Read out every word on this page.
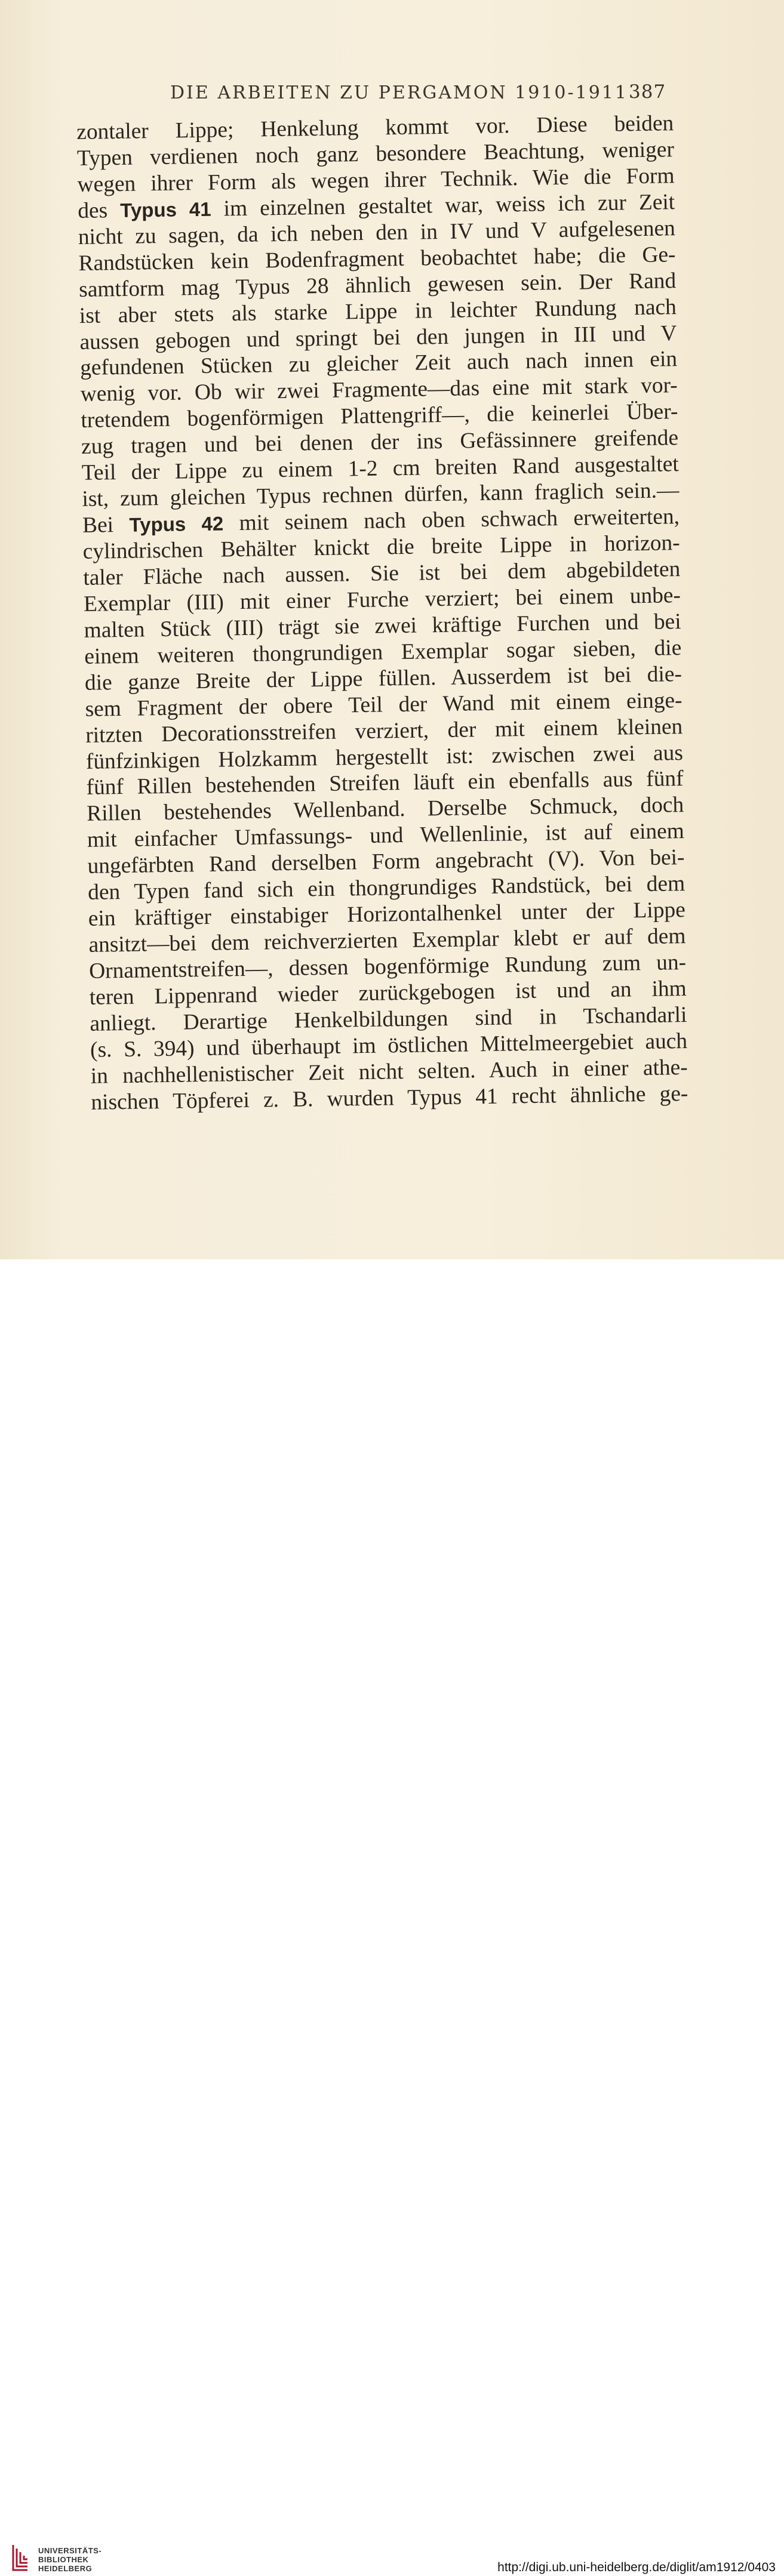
DIE ARBEITEN ZU PERGAMON 1910-1911 387
zontaler Lippe; Henkelung kommt vor. Diese beiden
Typen verdienen noch ganz besondere Beachtung, weniger
wegen ihrer Form als wegen ihrer Technik. Wie die Form
des Typus 41 im einzelnen gestaltet war, weiss ich zur Zeit
nicht zu sagen, da ich neben den in IV und V aufgelesenen
Randstücken kein Bodenfragment beobachtet habe; die Ge-
samtform mag Typus 28 ähnlich gewesen sein. Der Rand
ist aber stets als starke Lippe in leichter Rundung nach
aussen gebogen und springt bei den jungen in III und V
gefundenen Stücken zu gleicher Zeit auch nach innen ein
wenig vor. Ob wir zwei Fragmente—das eine mit stark vor-
tretendem bogenförmigen Plattengriff—, die keinerlei Über-
zug tragen und bei denen der ins Gefässinnere greifende
Teil der Lippe zu einem 1-2 cm breiten Rand ausgestaltet
ist, zum gleichen Typus rechnen dürfen, kann fraglich sein.—
Bei Typus 42 mit seinem nach oben schwach erweiterten,
cylindrischen Behälter knickt die breite Lippe in horizon-
taler Fläche nach aussen. Sie ist bei dem abgebildeten
Exemplar (III) mit einer Furche verziert; bei einem unbe-
malten Stück (III) trägt sie zwei kräftige Furchen und bei
einem weiteren thongrundigen Exemplar sogar sieben, die
die ganze Breite der Lippe füllen. Ausserdem ist bei die-
sem Fragment der obere Teil der Wand mit einem einge-
ritzten Decorationsstreifen verziert, der mit einem kleinen
fünfzinkigen Holzkamm hergestellt ist: zwischen zwei aus
fünf Rillen bestehenden Streifen läuft ein ebenfalls aus fünf
Rillen bestehendes Wellenband. Derselbe Schmuck, doch
mit einfacher Umfassungs- und Wellenlinie, ist auf einem
ungefärbten Rand derselben Form angebracht (V). Von bei-
den Typen fand sich ein thongrundiges Randstück, bei dem
ein kräftiger einstabiger Horizontalhenkel unter der Lippe
ansitzt—bei dem reichverzierten Exemplar klebt er auf dem
Ornamentstreifen—, dessen bogenförmige Rundung zum un-
teren Lippenrand wieder zurückgebogen ist und an ihm
anliegt. Derartige Henkelbildungen sind in Tschandarli
(s. S. 394) und überhaupt im östlichen Mittelmeergebiet auch
in nachhellenistischer Zeit nicht selten. Auch in einer athe-
nischen Töpferei z. B. wurden Typus 41 recht ähnliche ge-
UNIVERSITÄTS-
BIBLIOTHEK
HEIDELBERG	http://digi.ub.uni-heidelberg.de/diglit/am1912/0403
